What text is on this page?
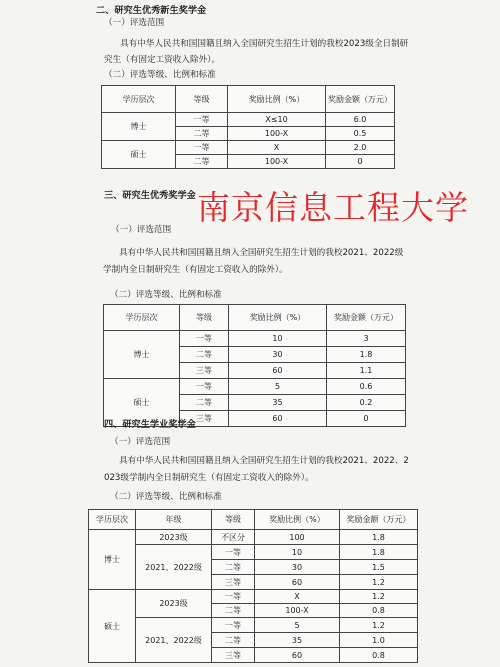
二、研究生优秀新生奖学金
（一）评选范围
具有中华人民共和国国籍且纳入全国研究生招生计划的我校2023级全日制研
究生（有固定工资收入除外）。
（二）评选等级、比例和标准
学历层次	等级	奖励比例（%）	奖励金额（万元）
博士	一等	X≤10	6.0
	二等	100-X	0.5
硕士	一等	X	2.0
	二等	100-X	0
南京信息工程大学
三、研究生优秀奖学金
（一）评选范围
具有中华人民共和国国籍且纳入全国研究生招生计划的我校2021、2022级
学制内全日制研究生（有固定工资收入的除外）。
（二）评选等级、比例和标准
学历层次	等级	奖励比例（%）	奖励金额（万元）
博士	一等	10	3
	二等	30	1.8
	三等	60	1.1
硕士	一等	5	0.6
	二等	35	0.2
	三等	60	0
四、研究生学业奖学金
（一）评选范围
具有中华人民共和国国籍且纳入全国研究生招生计划的我校2021、2022、2
023级学制内全日制研究生（有固定工资收入的除外）。
（二）评选等级、比例和标准
学历层次	年级	等级	奖励比例（%）	奖励金额（万元）
博士	2023级	不区分	100	1.8
	2021、2022级	一等	10	1.8
		二等	30	1.5
		三等	60	1.2
硕士	2023级	一等	X	1.2
		二等	100-X	0.8
	2021、2022级	一等	5	1.2
		二等	35	1.0
		三等	60	0.8
